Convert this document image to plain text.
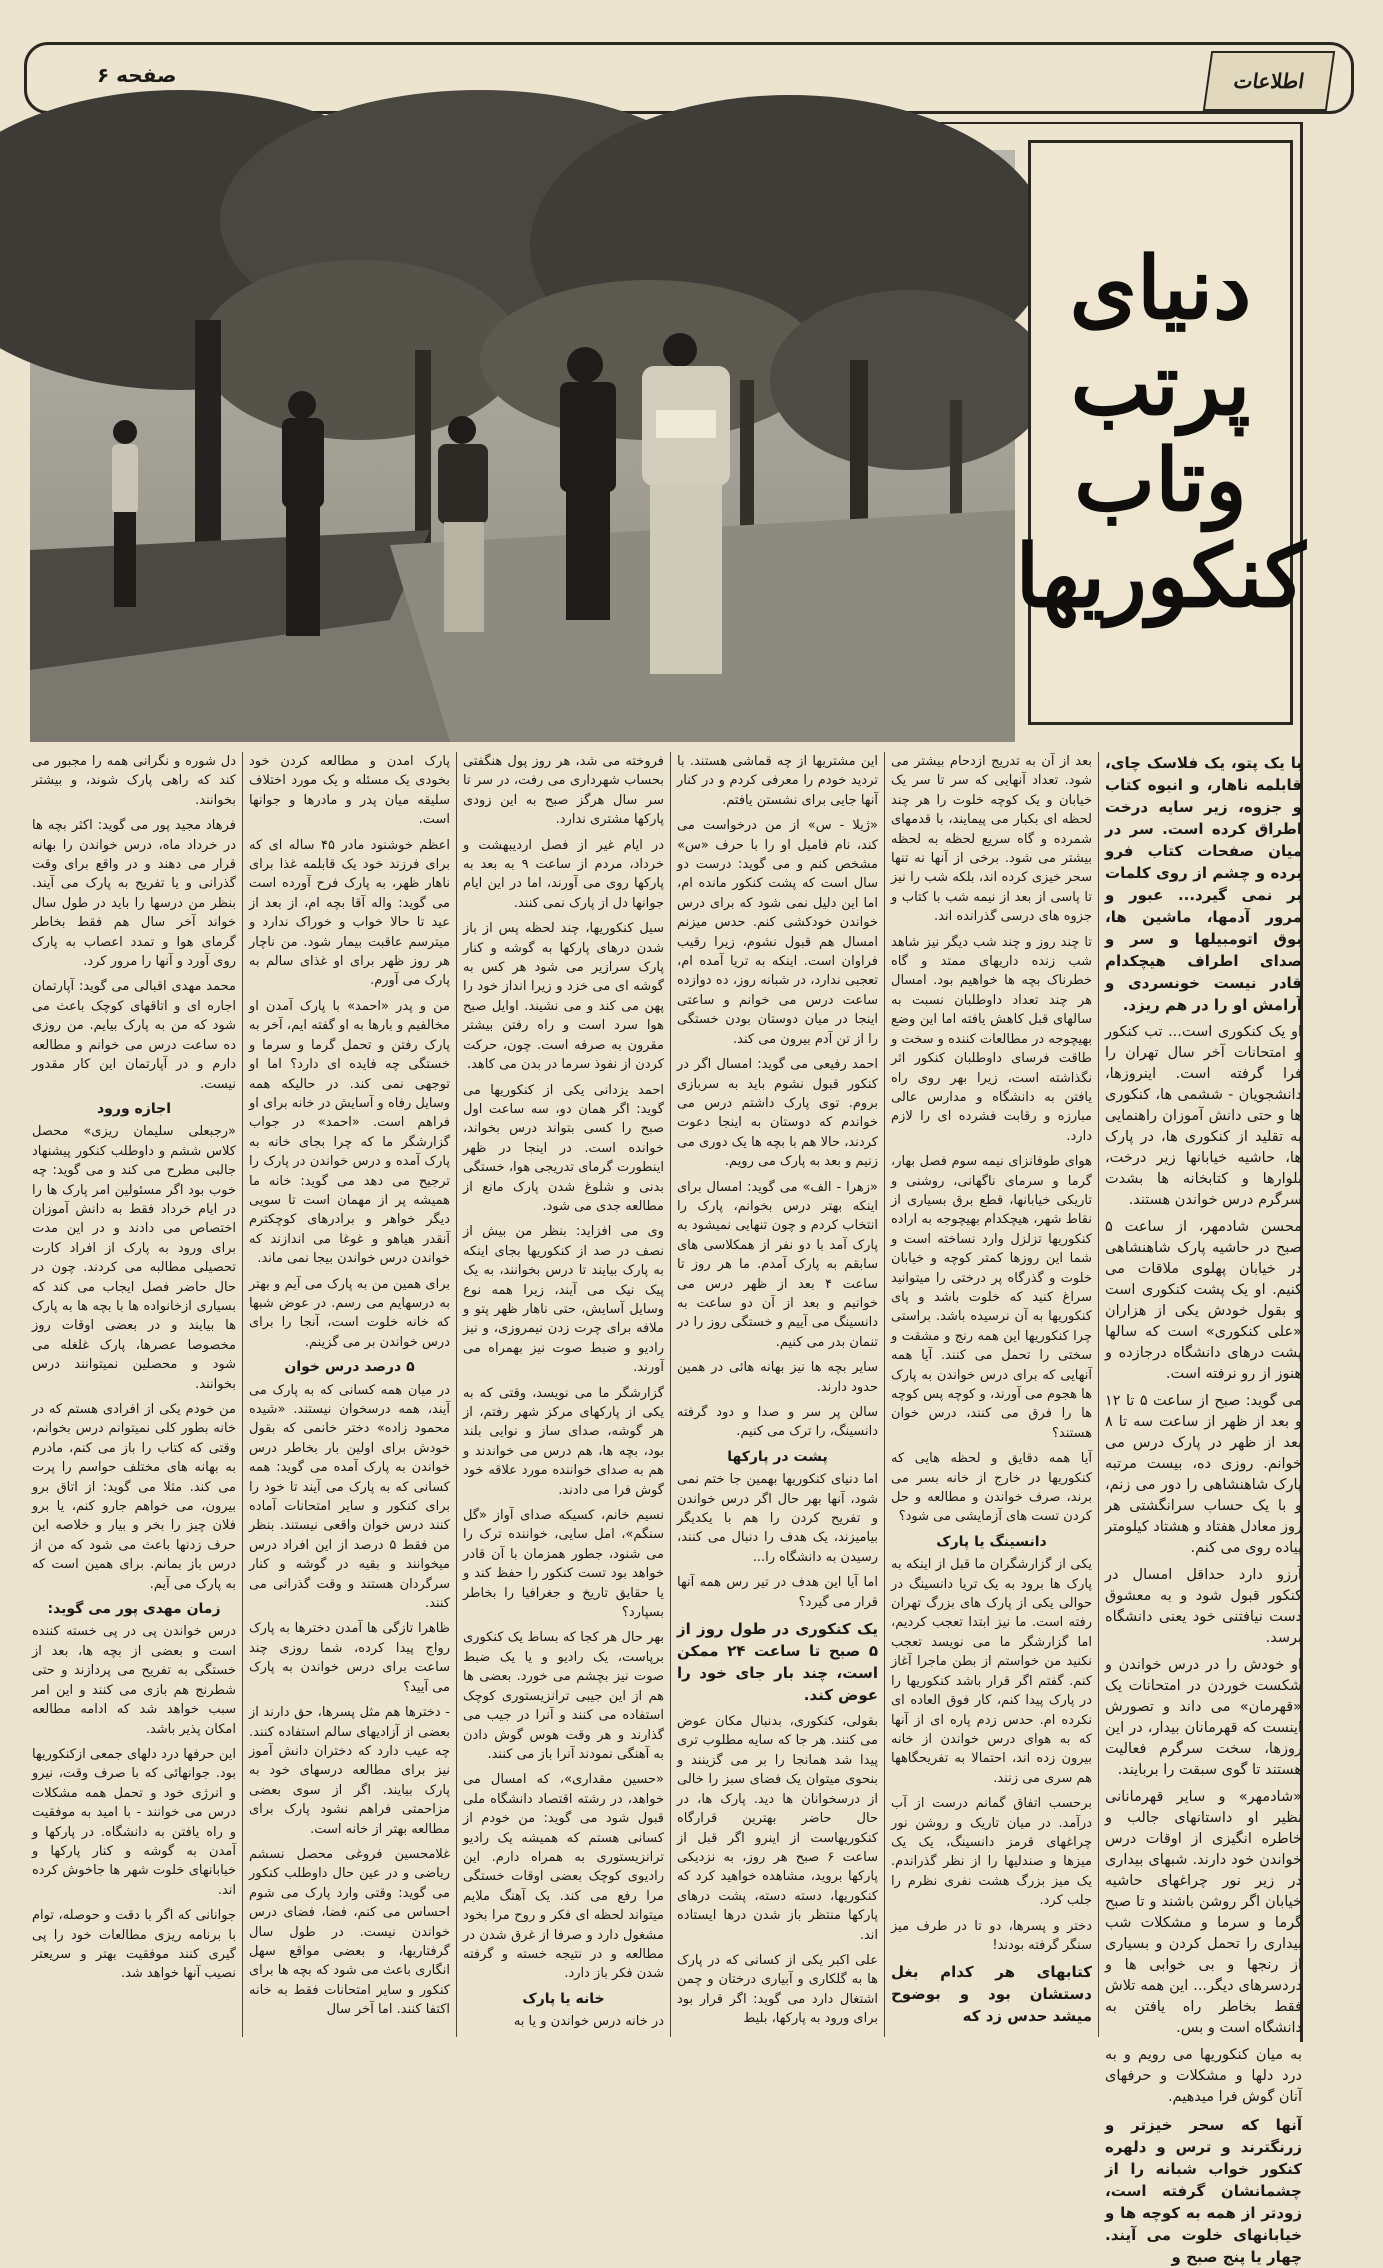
اطلاعات
صفحه ۶
دنیای
پرتب
وتاب
کنکوریها

با یک پتو، یک فلاسک چای، قابلمه ناهار، و انبوه کتاب و جزوه، زیر سایه درخت اطراق کرده است. سر در میان صفحات کتاب فرو برده و چشم از روی کلمات بر نمی گیرد... عبور و مرور آدمها، ماشین ها، بوق اتومبیلها و سر و صدای اطراف هیچکدام قادر نیست خونسردی و آرامش او را در هم ریزد.

او یک کنکوری است... تب کنکور و امتحانات آخر سال تهران را فرا گرفته است. اینروزها، دانشجویان - ششمی ها، کنکوری ها و حتی دانش آموزان راهنمایی به تقلید از کنکوری ها، در پارک ها، حاشیه خیابانها زیر درخت، بلوارها و کتابخانه ها بشدت سرگرم درس خواندن هستند.

محسن شادمهر، از ساعت ۵ صبح در حاشیه پارک شاهنشاهی در خیابان پهلوی ملاقات می کنیم. او یک پشت کنکوری است و بقول خودش یکی از هزاران «علی کنکوری» است که سالها پشت درهای دانشگاه درجازده و هنوز از رو نرفته است.

می گوید: صبح از ساعت ۵ تا ۱۲ و بعد از ظهر از ساعت سه تا ۸ بعد از ظهر در پارک درس می خوانم. روزی ده، بیست مرتبه پارک شاهنشاهی را دور می زنم، و با یک حساب سرانگشتی هر روز معادل هفتاد و هشتاد کیلومتر پیاده روی می کنم.

آرزو دارد حداقل امسال در کنکور قبول شود و به معشوق دست نیافتنی خود یعنی دانشگاه برسد.

او خودش را در درس خواندن و شکست خوردن در امتحانات یک «قهرمان» می داند و تصورش اینست که قهرمانان بیدار، در این روزها، سخت سرگرم فعالیت هستند تا گوی سبقت را بربایند.

«شادمهر» و سایر قهرمانانی نظیر او داستانهای جالب و خاطره انگیزی از اوقات درس خواندن خود دارند. شبهای بیداری در زیر نور چراغهای حاشیه خیابان اگر روشن باشند و تا صبح گرما و سرما و مشکلات شب بیداری را تحمل کردن و بسیاری از رنجها و بی خوابی ها و دردسرهای دیگر... این همه تلاش فقط بخاطر راه یافتن به دانشگاه است و بس.

به میان کنکوریها می رویم و به درد دلها و مشکلات و حرفهای آنان گوش فرا میدهیم.

آنها که سحر خیزتر و زرنگترند و ترس و دلهره کنکور خواب شبانه را از چشمانشان گرفته است، زودتر از همه به کوچه ها و خیابانهای خلوت می آیند. چهار یا پنج صبح و

بعد از آن به تدریج ازدحام بیشتر می شود. تعداد آنهایی که سر تا سر یک خیابان و یک کوچه خلوت را هر چند لحظه ای بکبار می پیمایند، با قدمهای شمرده و گاه سریع لحظه به لحظه بیشتر می شود. برخی از آنها نه تنها سحر خیزی کرده اند، بلکه شب را نیز تا پاسی از بعد از نیمه شب با کتاب و جزوه های درسی گذرانده اند.

تا چند روز و چند شب دیگر نیز شاهد شب زنده داریهای ممتد و گاه خطرناک بچه ها خواهیم بود. امسال هر چند تعداد داوطلبان نسبت به سالهای قبل کاهش یافته اما این وضع بهیچوجه در مطالعات کننده و سخت و طاقت فرسای داوطلبان کنکور اثر نگذاشته است، زیرا بهر روی راه یافتن به دانشگاه و مدارس عالی مبارزه و رقابت فشرده ای را لازم دارد.

هوای طوفانزای نیمه سوم فصل بهار، گرما و سرمای ناگهانی، روشنی و تاریکی خیابانها، قطع برق بسیاری از نقاط شهر، هیچکدام بهیچوجه به اراده کنکوریها تزلزل وارد نساخته است و شما این روزها کمتر کوچه و خیابان خلوت و گذرگاه پر درختی را میتوانید سراغ کنید که خلوت باشد و پای کنکوریها به آن نرسیده باشد. براستی چرا کنکوریها این همه رنج و مشقت و سختی را تحمل می کنند. آیا همه آنهایی که برای درس خواندن به پارک ها هجوم می آورند، و کوچه پس کوچه ها را فرق می کنند، درس خوان هستند؟

آیا همه دقایق و لحظه هایی که کنکوریها در خارج از خانه بسر می برند، صرف خواندن و مطالعه و حل کردن تست های آزمایشی می شود؟

دانسینگ یا پارک

یکی از گزارشگران ما قبل از اینکه به پارک ها برود به یک تریا دانسینگ در حوالی یکی از پارک های بزرگ تهران رفته است. ما نیز ابتدا تعجب کردیم، اما گزارشگر ما می نویسد تعجب نکنید من خواستم از بطن ماجرا آغاز کنم. گفتم اگر قرار باشد کنکوریها را در پارک پیدا کنم، کار فوق العاده ای نکرده ام. حدس زدم پاره ای از آنها که به هوای درس خواندن از خانه بیرون زده اند، احتمالا به تفریحگاهها هم سری می زنند.

برحسب اتفاق گمانم درست از آب درآمد. در میان تاریک و روشن نور چراغهای قرمز دانسینگ، یک یک میزها و صندلیها را از نظر گذراندم. یک میز بزرگ هشت نفری نظرم را جلب کرد.

دختر و پسرها، دو تا در طرف میز سنگر گرفته بودند!

کتابهای هر کدام بغل دستشان بود و بوضوح میشد حدس زد که

این مشتریها از چه قماشی هستند. با تردید خودم را معرفی کردم و در کنار آنها جایی برای نشستن یافتم.

«ژیلا - س» از من درخواست می کند، نام فامیل او را با حرف «س» مشخص کنم و می گوید: درست دو سال است که پشت کنکور مانده ام، اما این دلیل نمی شود که برای درس خواندن خودکشی کنم. حدس میزنم امسال هم قبول نشوم، زیرا رقیب فراوان است. اینکه به تریا آمده ام، تعجبی ندارد، در شبانه روز، ده دوازده ساعت درس می خوانم و ساعتی اینجا در میان دوستان بودن خستگی را از تن آدم بیرون می کند.

احمد رفیعی می گوید: امسال اگر در کنکور قبول نشوم باید به سربازی بروم. توی پارک داشتم درس می خواندم که دوستان به اینجا دعوت کردند، حالا هم با بچه ها یک دوری می زنیم و بعد به پارک می رویم.

«زهرا - الف» می گوید: امسال برای اینکه بهتر درس بخوانم، پارک را انتخاب کردم و چون تنهایی نمیشود به پارک آمد با دو نفر از همکلاسی های سابقم به پارک آمدم. ما هر روز تا ساعت ۴ بعد از ظهر درس می خوانیم و بعد از آن دو ساعت به دانسینگ می آییم و خستگی روز را در تنمان بدر می کنیم.

سایر بچه ها نیز بهانه هائی در همین حدود دارند.

سالن پر سر و صدا و دود گرفته دانسینگ، را ترک می کنیم.

پشت در پارکها

اما دنیای کنکوریها بهمین جا ختم نمی شود، آنها بهر حال اگر درس خواندن و تفریح کردن را هم با یکدیگر بیامیزند، یک هدف را دنبال می کنند، رسیدن به دانشگاه را...

اما آیا این هدف در تیر رس همه آنها قرار می گیرد؟

یک کنکوری در طول روز از ۵ صبح تا ساعت ۲۴ ممکن است، چند بار جای خود را عوض کند.

بقولی، کنکوری، بدنبال مکان عوض می کنند. هر جا که سایه مطلوب تری پیدا شد همانجا را بر می گزینند و بنحوی میتوان یک فضای سبز را خالی از درسخوانان ها دید. پارک ها، در حال حاضر بهترین قرارگاه کنکوریهاست از اینرو اگر قبل از ساعت ۶ صبح هر روز، به نزدیکی پارکها بروید، مشاهده خواهید کرد که کنکوریها، دسته دسته، پشت درهای پارکها منتظر باز شدن درها ایستاده اند.

علی اکبر یکی از کسانی که در پارک ها به گلکاری و آبیاری درختان و چمن اشتغال دارد می گوید: اگر قرار بود برای ورود به پارکها، بلیط

فروخته می شد، هر روز پول هنگفتی بحساب شهرداری می رفت، در سر تا سر سال هرگز صبح به این زودی پارکها مشتری ندارد.

در ایام غیر از فصل اردیبهشت و خرداد، مردم از ساعت ۹ به بعد به پارکها روی می آورند، اما در این ایام جوانها دل از پارک نمی کنند.

سیل کنکوریها، چند لحظه پس از باز شدن درهای پارکها به گوشه و کنار پارک سرازیر می شود هر کس به گوشه ای می خزد و زیرا انداز خود را پهن می کند و می نشیند. اوایل صبح هوا سرد است و راه رفتن بیشتر مقرون به صرفه است. چون، حرکت کردن از نفوذ سرما در بدن می کاهد.

احمد یزدانی یکی از کنکوریها می گوید: اگر همان دو، سه ساعت اول صبح را کسی بتواند درس بخواند، خوانده است. در اینجا در ظهر اینطورت گرمای تدریجی هوا، خستگی بدنی و شلوغ شدن پارک مانع از مطالعه جدی می شود.

وی می افزاید: بنظر من بیش از نصف در صد از کنکوریها بجای اینکه به پارک بیایند تا درس بخوانند، به یک پیک نیک می آیند، زیرا همه نوع وسایل آسایش، حتی ناهار ظهر پتو و ملافه برای چرت زدن نیمروزی، و نیز رادیو و ضبط صوت نیز بهمراه می آورند.

گزارشگر ما می نویسد، وقتی که به یکی از پارکهای مرکز شهر رفتم، از هر گوشه، صدای ساز و نوایی بلند بود، بچه ها، هم درس می خواندند و هم به صدای خواننده مورد علاقه خود گوش فرا می دادند.

نسیم خانم، کسیکه صدای آواز «گل سنگم»، امل سایی، خواننده ترک را می شنود، جطور همزمان با آن قادر خواهد بود تست کنکور را حفظ کند و یا حقایق تاریخ و جغرافیا را بخاطر بسپارد؟

بهر حال هر کجا که بساط یک کنکوری برپاست، یک رادیو و یا یک ضبط صوت نیز بچشم می خورد. بعضی ها هم از این جیبی ترانزیستوری کوچک استفاده می کنند و آنرا در جیب می گذارند و هر وقت هوس گوش دادن به آهنگی نمودند آنرا باز می کنند.

«حسین مقداری»، که امسال می خواهد، در رشته اقتصاد دانشگاه ملی قبول شود می گوید: من خودم از کسانی هستم که همیشه یک رادیو ترانزیستوری به همراه دارم. این رادیوی کوچک بعضی اوقات خستگی مرا رفع می کند. یک آهنگ ملایم میتواند لحظه ای فکر و روح مرا بخود مشغول دارد و صرفا از غرق شدن در مطالعه و در نتیجه خسته و گرفته شدن فکر باز دارد.

خانه یا پارک

در خانه درس خواندن و یا به

پارک امدن و مطالعه کردن خود بخودی یک مسئله و یک مورد اختلاف سلیقه میان پدر و مادرها و جوانها است.

اعظم خوشنود مادر ۴۵ ساله ای که برای فرزند خود یک قابلمه غذا برای ناهار ظهر، به پارک فرح آورده است می گوید: واله آقا بچه ام، از بعد از عید تا حالا خواب و خوراک ندارد و میترسم عاقبت بیمار شود. من ناچار هر روز ظهر برای او غذای سالم به پارک می آورم.

من و پدر «احمد» با پارک آمدن او مخالفیم و بارها به او گفته ایم، آخر به پارک رفتن و تحمل گرما و سرما و خستگی چه فایده ای دارد؟ اما او توجهی نمی کند. در حالیکه همه وسایل رفاه و آسایش در خانه برای او فراهم است. «احمد» در جواب گزارشگر ما که چرا بجای خانه به پارک آمده و درس خواندن در پارک را ترجیح می دهد می گوید: خانه ما همیشه پر از مهمان است تا سویی دیگر خواهر و برادرهای کوچکترم آنقدر هیاهو و غوغا می اندازند که خواندن درس خواندن بیجا نمی ماند.

برای همین من به پارک می آیم و بهتر به درسهایم می رسم. در عوض شبها که خانه خلوت است، آنجا را برای درس خواندن بر می گزینم.

۵ درصد درس خوان

در میان همه کسانی که به پارک می آیند، همه درسخوان نیستند. «شیده محمود زاده» دختر خانمی که بقول خودش برای اولین بار بخاطر درس خواندن به پارک آمده می گوید: همه کسانی که به پارک می آیند تا خود را برای کنکور و سایر امتحانات آماده کنند درس خوان واقعی نیستند. بنظر من فقط ۵ درصد از این افراد درس میخوانند و بقیه در گوشه و کنار سرگردان هستند و وقت گذرانی می کنند.

ظاهرا تازگی ها آمدن دخترها به پارک رواج پیدا کرده، شما روزی چند ساعت برای درس خواندن به پارک می آیید؟

- دخترها هم مثل پسرها، حق دارند از بعضی از آزادیهای سالم استفاده کنند. چه عیب دارد که دختران دانش آموز نیز برای مطالعه درسهای خود به پارک بیایند. اگر از سوی بعضی مزاحمتی فراهم نشود پارک برای مطالعه بهتر از خانه است.

غلامحسین فروغی محصل نسشم ریاضی و در عین حال داوطلب کنکور می گوید: وقتی وارد پارک می شوم احساس می کنم، فضا، فضای درس خواندن نیست. در طول سال گرفتاریها، و بعضی مواقع سهل انگاری باعث می شود که بچه ها برای کنکور و سایر امتحانات فقط به خانه اکتفا کنند. اما آخر سال

دل شوره و نگرانی همه را مجبور می کند که راهی پارک شوند، و بیشتر بخوانند.

فرهاد مجید پور می گوید: اکثر بچه ها در خرداد ماه، درس خواندن را بهانه قرار می دهند و در واقع برای وقت گذرانی و یا تفریح به پارک می آیند. بنظر من درسها را باید در طول سال خواند آخر سال هم فقط بخاطر گرمای هوا و تمدد اعصاب به پارک روی آورد و آنها را مرور کرد.

محمد مهدی اقبالی می گوید: آپارتمان اجاره ای و اتاقهای کوچک باعث می شود که من به پارک بیایم. من روزی ده ساعت درس می خوانم و مطالعه دارم و در آپارتمان این کار مقدور نیست.

اجازه ورود

«رجبعلی سلیمان ریزی» محصل کلاس ششم و داوطلب کنکور پیشنهاد جالبی مطرح می کند و می گوید: چه خوب بود اگر مسئولین امر پارک ها را در ایام خرداد فقط به دانش آموزان اختصاص می دادند و در این مدت برای ورود به پارک از افراد کارت تحصیلی مطالبه می کردند. چون در حال حاضر فصل ایجاب می کند که بسیاری ازخانواده ها با بچه ها به پارک ها بیایند و در بعضی اوقات روز مخصوصا عصرها، پارک غلغله می شود و محصلین نمیتوانند درس بخوانند.

من خودم یکی از افرادی هستم که در خانه بطور کلی نمیتوانم درس بخوانم، وقتی که کتاب را باز می کنم، مادرم به بهانه های مختلف حواسم را پرت می کند. مثلا می گوید: از اتاق برو بیرون، می خواهم جارو کنم، یا برو فلان چیز را بخر و بیار و خلاصه این حرف زدنها باعث می شود که من از درس باز بمانم. برای همین است که به پارک می آیم.

زمان مهدی پور می گوید:

درس خواندن پی در پی خسته کننده است و بعضی از بچه ها، بعد از خستگی به تفریح می پردازند و حتی شطرنج هم بازی می کنند و این امر سبب خواهد شد که ادامه مطالعه امکان پذیر باشد.

این حرفها درد دلهای جمعی ازکنکوریها بود. جوانهائی که با صرف وقت، نیرو و انرژی خود و تحمل همه مشکلات درس می خوانند - با امید به موفقیت و راه یافتن به دانشگاه. در پارکها و آمدن به گوشه و کنار پارکها و خیابانهای خلوت شهر ها جاخوش کرده اند.

جوانانی که اگر با دقت و حوصله، توام با برنامه ریزی مطالعات خود را پی گیری کنند موفقیت بهتر و سریعتر نصیب آنها خواهد شد.
